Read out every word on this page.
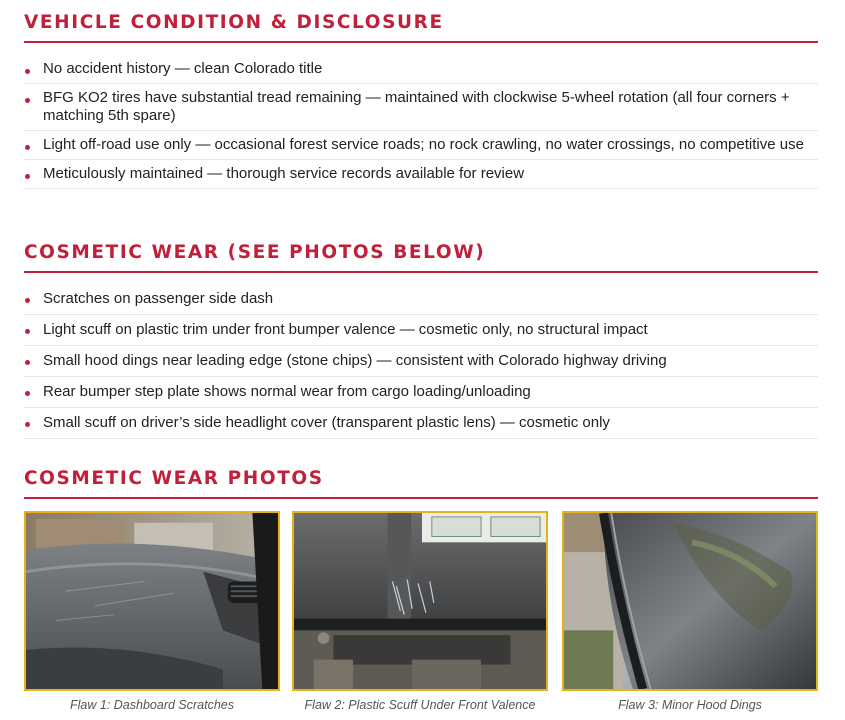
VEHICLE CONDITION & DISCLOSURE
No accident history — clean Colorado title
BFG KO2 tires have substantial tread remaining — maintained with clockwise 5-wheel rotation (all four corners + matching 5th spare)
Light off-road use only — occasional forest service roads; no rock crawling, no water crossings, no competitive use
Meticulously maintained — thorough service records available for review
COSMETIC WEAR (SEE PHOTOS BELOW)
Scratches on passenger side dash
Light scuff on plastic trim under front bumper valence — cosmetic only, no structural impact
Small hood dings near leading edge (stone chips) — consistent with Colorado highway driving
Rear bumper step plate shows normal wear from cargo loading/unloading
Small scuff on driver’s side headlight cover (transparent plastic lens) — cosmetic only
COSMETIC WEAR PHOTOS
Flaw 1: Dashboard Scratches	Flaw 2: Plastic Scuff Under Front Valence	Flaw 3: Minor Hood Dings
